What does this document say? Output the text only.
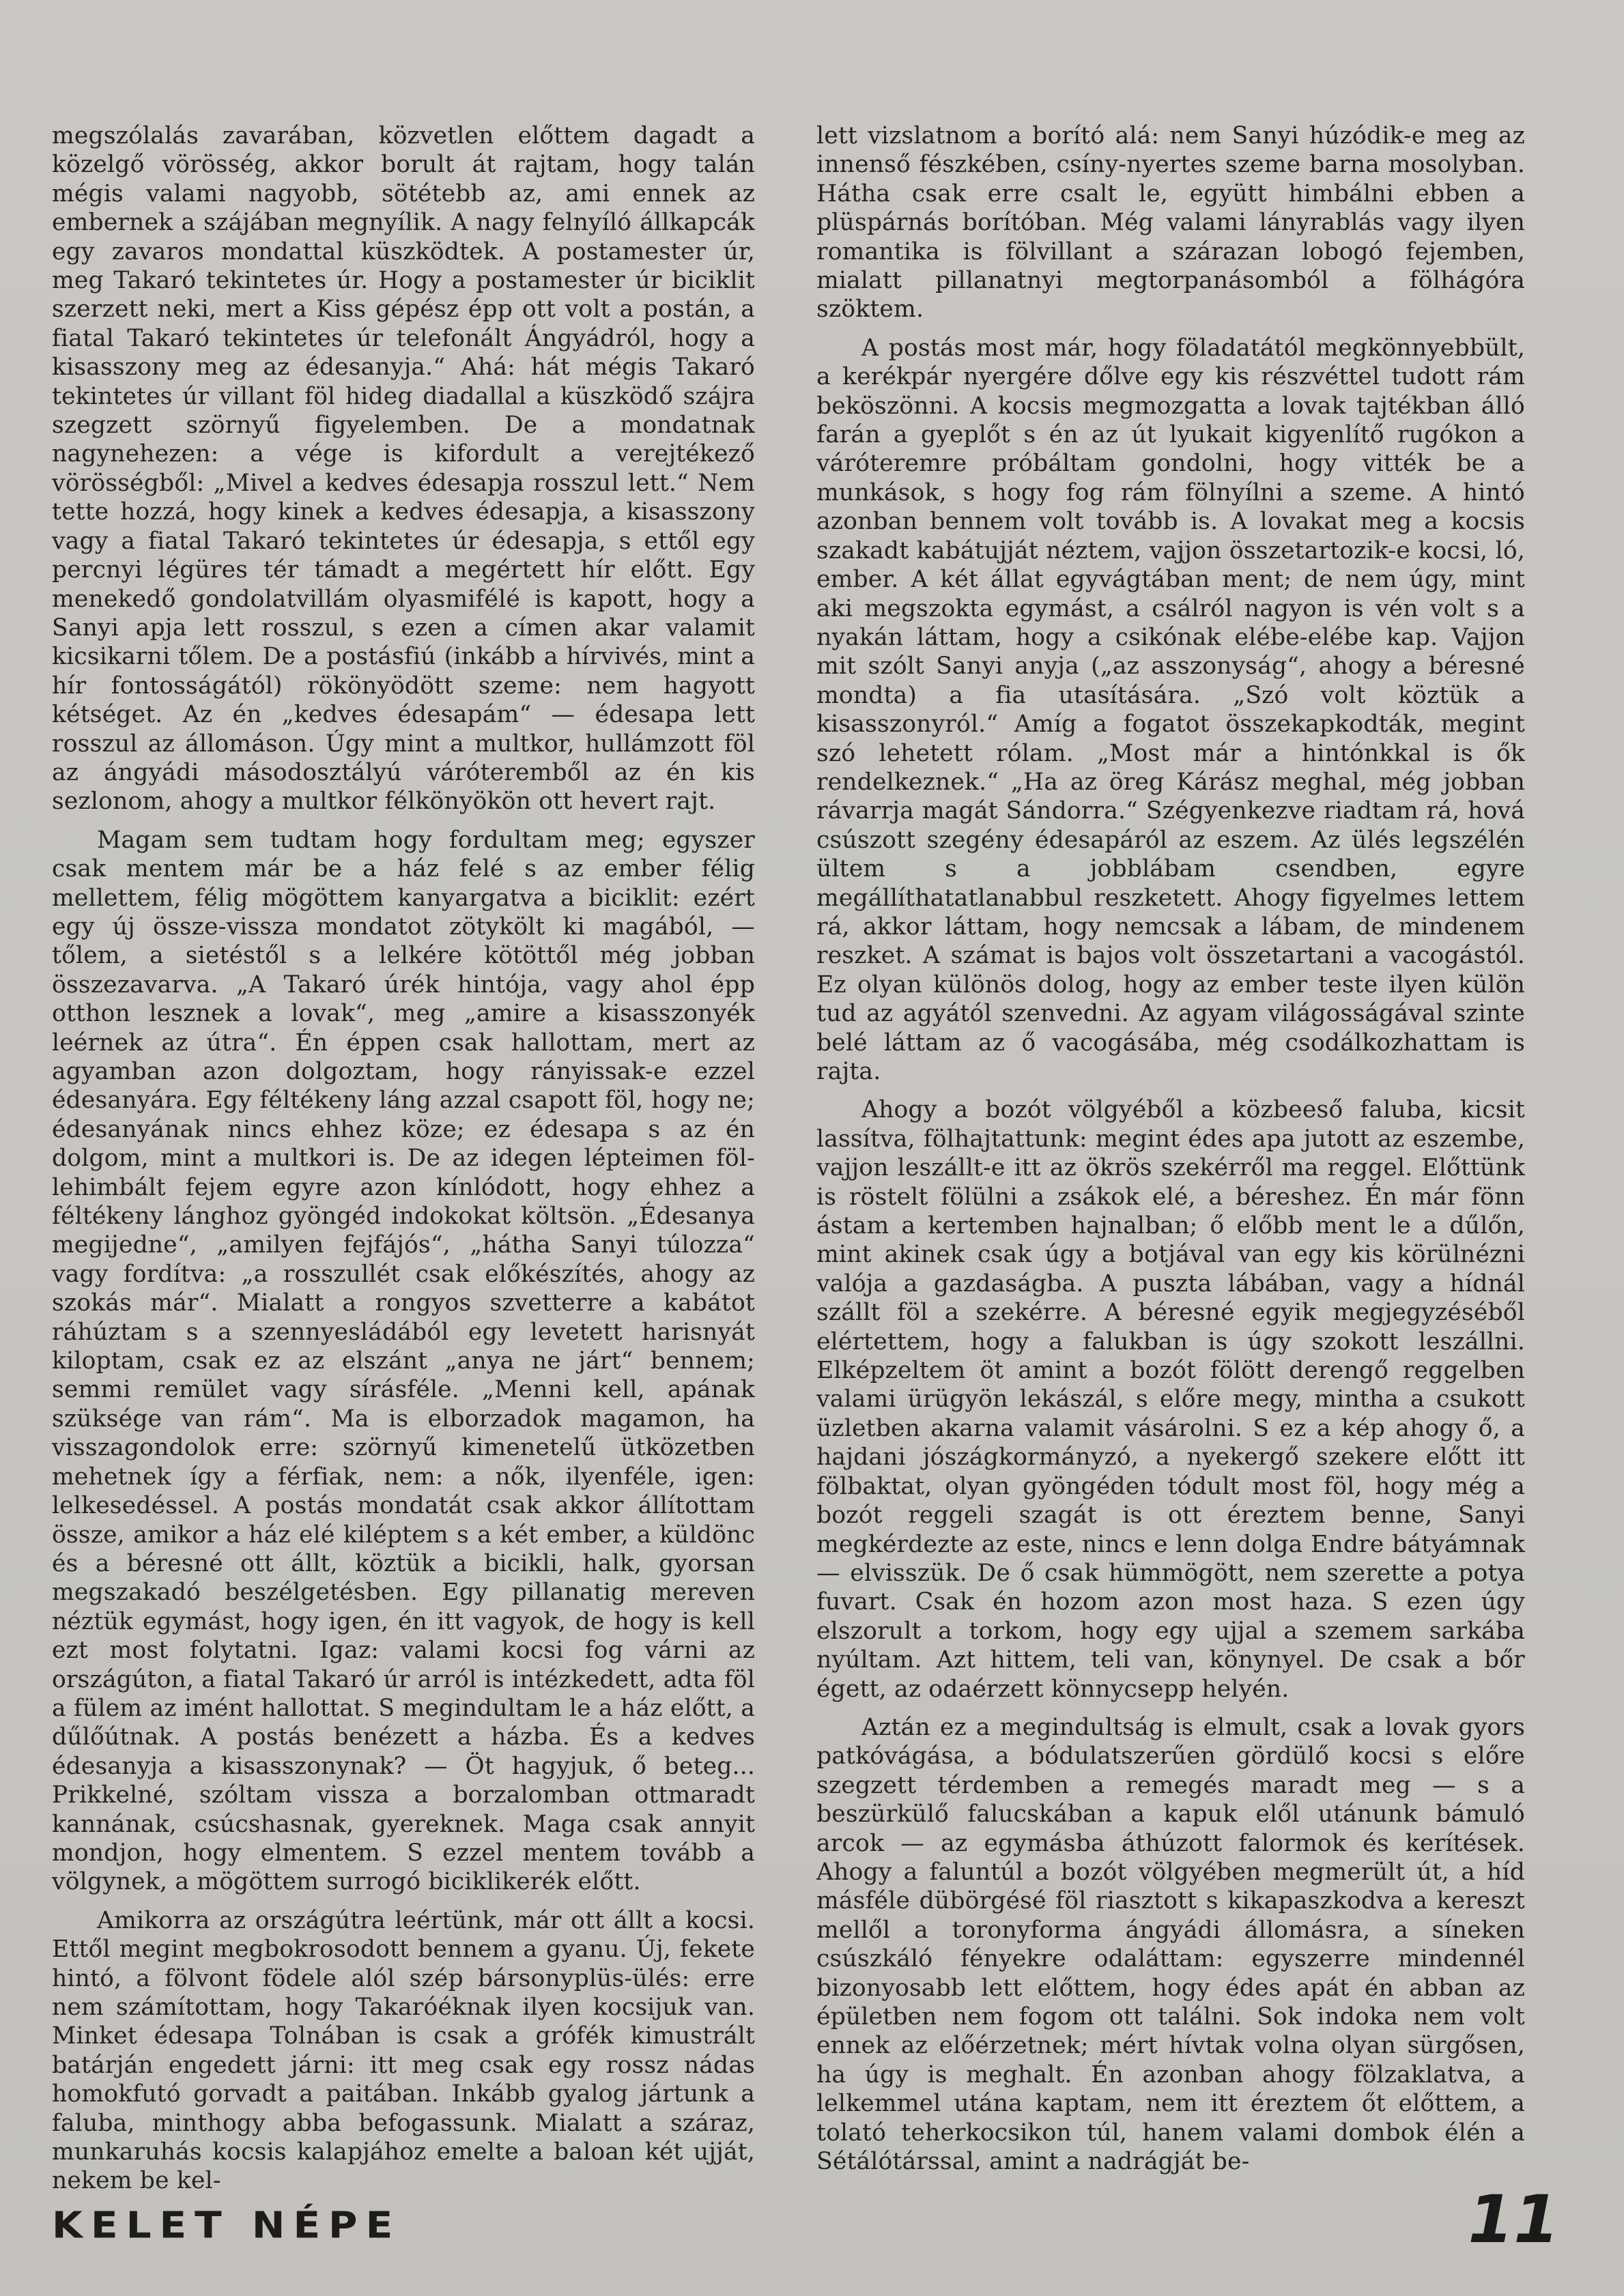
megszólalás zavarában, közvetlen előttem dagadt a közelgő vörösség, akkor borult át rajtam, hogy talán mégis valami nagyobb, sötétebb az, ami ennek az embernek a szájában megnyílik. A nagy felnyíló állkapcák egy zavaros mondattal küszködtek. A postamester úr, meg Takaró tekintetes úr. Hogy a postamester úr biciklit szerzett neki, mert a Kiss gépész épp ott volt a postán, a fiatal Takaró tekintetes úr telefonált Ángyádról, hogy a kisasszony meg az édesanyja.“ Ahá: hát mégis Takaró tekintetes úr villant föl hideg diadallal a küszködő szájra szegzett szörnyű figyelemben. De a mondatnak nagynehezen: a vége is kifordult a verejtékező vörösségből: „Mivel a kedves édesapja rosszul lett.“ Nem tette hozzá, hogy kinek a kedves édesapja, a kisasszony vagy a fiatal Takaró tekintetes úr édesapja, s ettől egy percnyi légüres tér támadt a megértett hír előtt. Egy menekedő gondolatvillám olyasmifélé is kapott, hogy a Sanyi apja lett rosszul, s ezen a címen akar valamit kicsikarni tőlem. De a postásfiú (inkább a hírvivés, mint a hír fontosságától) rökönyödött szeme: nem hagyott kétséget. Az én „kedves édesapám“ — édesapa lett rosszul az állomáson. Úgy mint a multkor, hullámzott föl az ángyádi másodosztályú váróteremből az én kis sezlonom, ahogy a multkor félkönyökön ott hevert rajt.

Magam sem tudtam hogy fordultam meg; egyszer csak mentem már be a ház felé s az ember félig mellettem, félig mögöttem kanyargatva a biciklit: ezért egy új össze-vissza mondatot zötykölt ki magából, — tőlem, a sietéstől s a lelkére kötöttől még jobban összezavarva. „A Takaró úrék hintója, vagy ahol épp otthon lesznek a lovak“, meg „amire a kisasszonyék leérnek az útra“. Én éppen csak hallottam, mert az agyamban azon dolgoztam, hogy rányissak-e ezzel édesanyára. Egy féltékeny láng azzal csapott föl, hogy ne; édesanyának nincs ehhez köze; ez édesapa s az én dolgom, mint a multkori is. De az idegen lépteimen föl-lehimbált fejem egyre azon kínlódott, hogy ehhez a féltékeny lánghoz gyöngéd indokokat költsön. „Édesanya megijedne“, „amilyen fejfájós“, „hátha Sanyi túlozza“ vagy fordítva: „a rosszullét csak előkészítés, ahogy az szokás már“. Mialatt a rongyos szvetterre a kabátot ráhúztam s a szennyesládából egy levetett harisnyát kiloptam, csak ez az elszánt „anya ne járt“ bennem; semmi remület vagy sírásféle. „Menni kell, apának szüksége van rám“. Ma is elborzadok magamon, ha visszagondolok erre: szörnyű kimenetelű ütközetben mehetnek így a férfiak, nem: a nők, ilyenféle, igen: lelkesedéssel. A postás mondatát csak akkor állítottam össze, amikor a ház elé kiléptem s a két ember, a küldönc és a béresné ott állt, köztük a bicikli, halk, gyorsan megszakadó beszélgetésben. Egy pillanatig mereven néztük egymást, hogy igen, én itt vagyok, de hogy is kell ezt most folytatni. Igaz: valami kocsi fog várni az országúton, a fiatal Takaró úr arról is intézkedett, adta föl a fülem az imént hallottat. S megindultam le a ház előtt, a dűlőútnak. A postás benézett a házba. És a kedves édesanyja a kisasszonynak? — Öt hagyjuk, ő beteg... Prikkelné, szóltam vissza a borzalomban ottmaradt kannának, csúcshasnak, gyereknek. Maga csak annyit mondjon, hogy elmentem. S ezzel mentem tovább a völgynek, a mögöttem surrogó biciklikerék előtt.

Amikorra az országútra leértünk, már ott állt a kocsi. Ettől megint megbokrosodott bennem a gyanu. Új, fekete hintó, a fölvont födele alól szép bársonyplüs-ülés: erre nem számítottam, hogy Takaróéknak ilyen kocsijuk van. Minket édesapa Tolnában is csak a grófék kimustrált batárján engedett járni: itt meg csak egy rossz nádas homokfutó gorvadt a paitában. Inkább gyalog jártunk a faluba, minthogy abba befogassunk. Mialatt a száraz, munkaruhás kocsis kalapjához emelte a baloan két ujját, nekem be kel-

lett vizslatnom a borító alá: nem Sanyi húzódik-e meg az innenső fészkében, csíny-nyertes szeme barna mosolyban. Hátha csak erre csalt le, együtt himbálni ebben a plüspárnás borítóban. Még valami lányrablás vagy ilyen romantika is fölvillant a szárazan lobogó fejemben, mialatt pillanatnyi megtorpanásomból a fölhágóra szöktem.

A postás most már, hogy föladatától megkönnyebbült, a kerékpár nyergére dőlve egy kis részvéttel tudott rám beköszönni. A kocsis megmozgatta a lovak tajtékban álló farán a gyeplőt s én az út lyukait kigyenlítő rugókon a váróteremre próbáltam gondolni, hogy vitték be a munkások, s hogy fog rám fölnyílni a szeme. A hintó azonban bennem volt tovább is. A lovakat meg a kocsis szakadt kabátujját néztem, vajjon összetartozik-e kocsi, ló, ember. A két állat egyvágtában ment; de nem úgy, mint aki megszokta egymást, a csálról nagyon is vén volt s a nyakán láttam, hogy a csikónak elébe-elébe kap. Vajjon mit szólt Sanyi anyja („az asszonyság“, ahogy a béresné mondta) a fia utasítására. „Szó volt köztük a kisasszonyról.“ Amíg a fogatot összekapkodták, megint szó lehetett rólam. „Most már a hintónkkal is ők rendelkeznek.“ „Ha az öreg Kárász meghal, még jobban rávarrja magát Sándorra.“ Szégyenkezve riadtam rá, hová csúszott szegény édesapáról az eszem. Az ülés legszélén ültem s a jobblábam csendben, egyre megállíthatatlanabbul reszketett. Ahogy figyelmes lettem rá, akkor láttam, hogy nemcsak a lábam, de mindenem reszket. A számat is bajos volt összetartani a vacogástól. Ez olyan különös dolog, hogy az ember teste ilyen külön tud az agyától szenvedni. Az agyam világosságával szinte belé láttam az ő vacogásába, még csodálkozhattam is rajta.

Ahogy a bozót völgyéből a közbeeső faluba, kicsit lassítva, fölhajtattunk: megint édes apa jutott az eszembe, vajjon leszállt-e itt az ökrös szekérről ma reggel. Előttünk is röstelt fölülni a zsákok elé, a béreshez. Én már fönn ástam a kertemben hajnalban; ő előbb ment le a dűlőn, mint akinek csak úgy a botjával van egy kis körülnézni valója a gazdaságba. A puszta lábában, vagy a hídnál szállt föl a szekérre. A béresné egyik megjegyzéséből elértettem, hogy a falukban is úgy szokott leszállni. Elképzeltem öt amint a bozót fölött derengő reggelben valami ürügyön lekászál, s előre megy, mintha a csukott üzletben akarna valamit vásárolni. S ez a kép ahogy ő, a hajdani jószágkormányzó, a nyekergő szekere előtt itt fölbaktat, olyan gyöngéden tódult most föl, hogy még a bozót reggeli szagát is ott éreztem benne, Sanyi megkérdezte az este, nincs e lenn dolga Endre bátyámnak — elvisszük. De ő csak hümmögött, nem szerette a potya fuvart. Csak én hozom azon most haza. S ezen úgy elszorult a torkom, hogy egy ujjal a szemem sarkába nyúltam. Azt hittem, teli van, könynyel. De csak a bőr égett, az odaérzett könnycsepp helyén.

Aztán ez a megindultság is elmult, csak a lovak gyors patkóvágása, a bódulatszerűen gördülő kocsi s előre szegzett térdemben a remegés maradt meg — s a beszürkülő falucskában a kapuk elől utánunk bámuló arcok — az egymásba áthúzott falormok és kerítések. Ahogy a faluntúl a bozót völgyében megmerült út, a híd másféle dübörgésé föl riasztott s kikapaszkodva a kereszt mellől a toronyforma ángyádi állomásra, a síneken csúszkáló fényekre odaláttam: egyszerre mindennél bizonyosabb lett előttem, hogy édes apát én abban az épületben nem fogom ott találni. Sok indoka nem volt ennek az előérzetnek; mért hívtak volna olyan sürgősen, ha úgy is meghalt. Én azonban ahogy fölzaklatva, a lelkemmel utána kaptam, nem itt éreztem őt előttem, a tolató teherkocsikon túl, hanem valami dombok élén a Sétálótárssal, amint a nadrágját be-

KELET NÉPE	11
